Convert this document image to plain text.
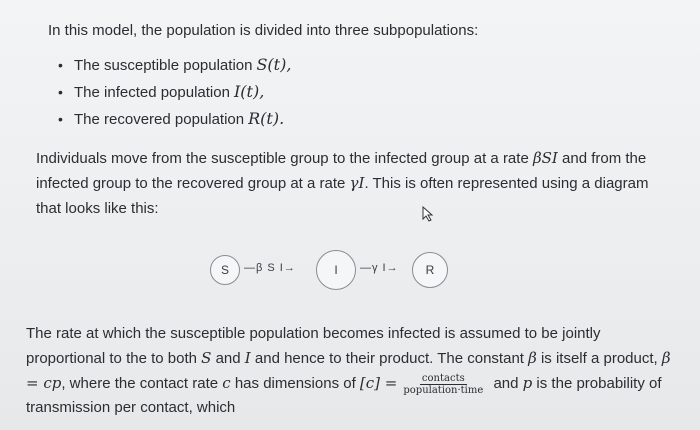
In this model, the population is divided into three subpopulations:
• The susceptible population S(t),
• The infected population I(t),
• The recovered population R(t).
Individuals move from the susceptible group to the infected group at a rate βSI and from the infected group to the recovered group at a rate γI. This is often represented using a diagram that looks like this:
S	—β S I→	I	—γ I→	R
The rate at which the susceptible population becomes infected is assumed to be jointly proportional to the to both S and I and hence to their product. The constant β is itself a product, β = cp, where the contact rate c has dimensions of $[c] = \frac{\text{contacts}}{\text{population·time}}$ and p is the probability of transmission per contact, which
